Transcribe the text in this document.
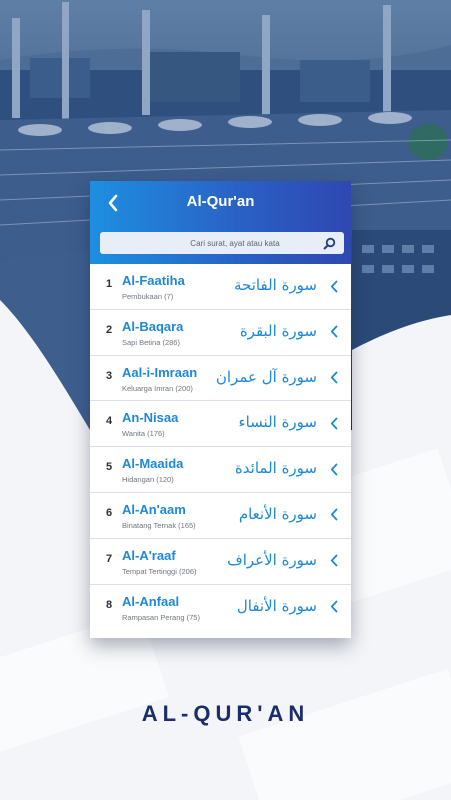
Al-Qur'an
Cari surat, ayat atau kata
1 Al-Faatiha
Pembukaan (7)
سورة الفاتحة
2 Al-Baqara
Sapi Betina (286)
سورة البقرة
3 Aal-i-Imraan
Keluarga Imran (200)
سورة آل عمران
4 An-Nisaa
Wanita (176)
سورة النساء
5 Al-Maaida
Hidangan (120)
سورة المائدة
6 Al-An'aam
Binatang Ternak (165)
سورة الأنعام
7 Al-A'raaf
Tempat Tertinggi (206)
سورة الأعراف
8 Al-Anfaal
Rampasan Perang (75)
سورة الأنفال
AL-QUR'AN
